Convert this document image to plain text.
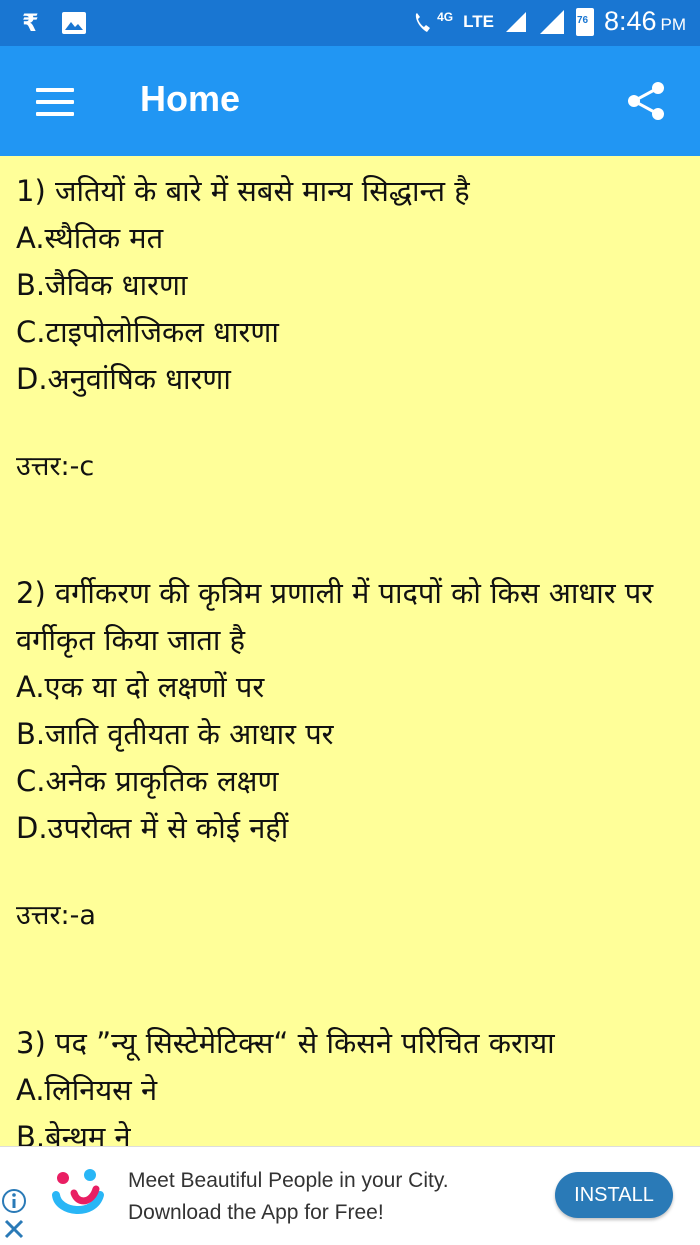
₹	4G LTE	76 8:46 PM
Home
1) जतियों के बारे में सबसे मान्य सिद्धान्त है
A.स्थैतिक मत
B.जैविक धारणा
C.टाइपोलोजिकल धारणा
D.अनुवांषिक धारणा
उत्तर:-c
2) वर्गीकरण की कृत्रिम प्रणाली में पादपों को किस आधार पर वर्गीकृत किया जाता है
A.एक या दो लक्षणों पर
B.जाति वृतीयता के आधार पर
C.अनेक प्राकृतिक लक्षण
D.उपरोक्त में से कोई नहीं
उत्तर:-a
3) पद ”न्यू सिस्टेमेटिक्स“ से किसने परिचित कराया
A.लिनियस ने
B.बेन्थम ने
Meet Beautiful People in your City.
Download the App for Free!
INSTALL
